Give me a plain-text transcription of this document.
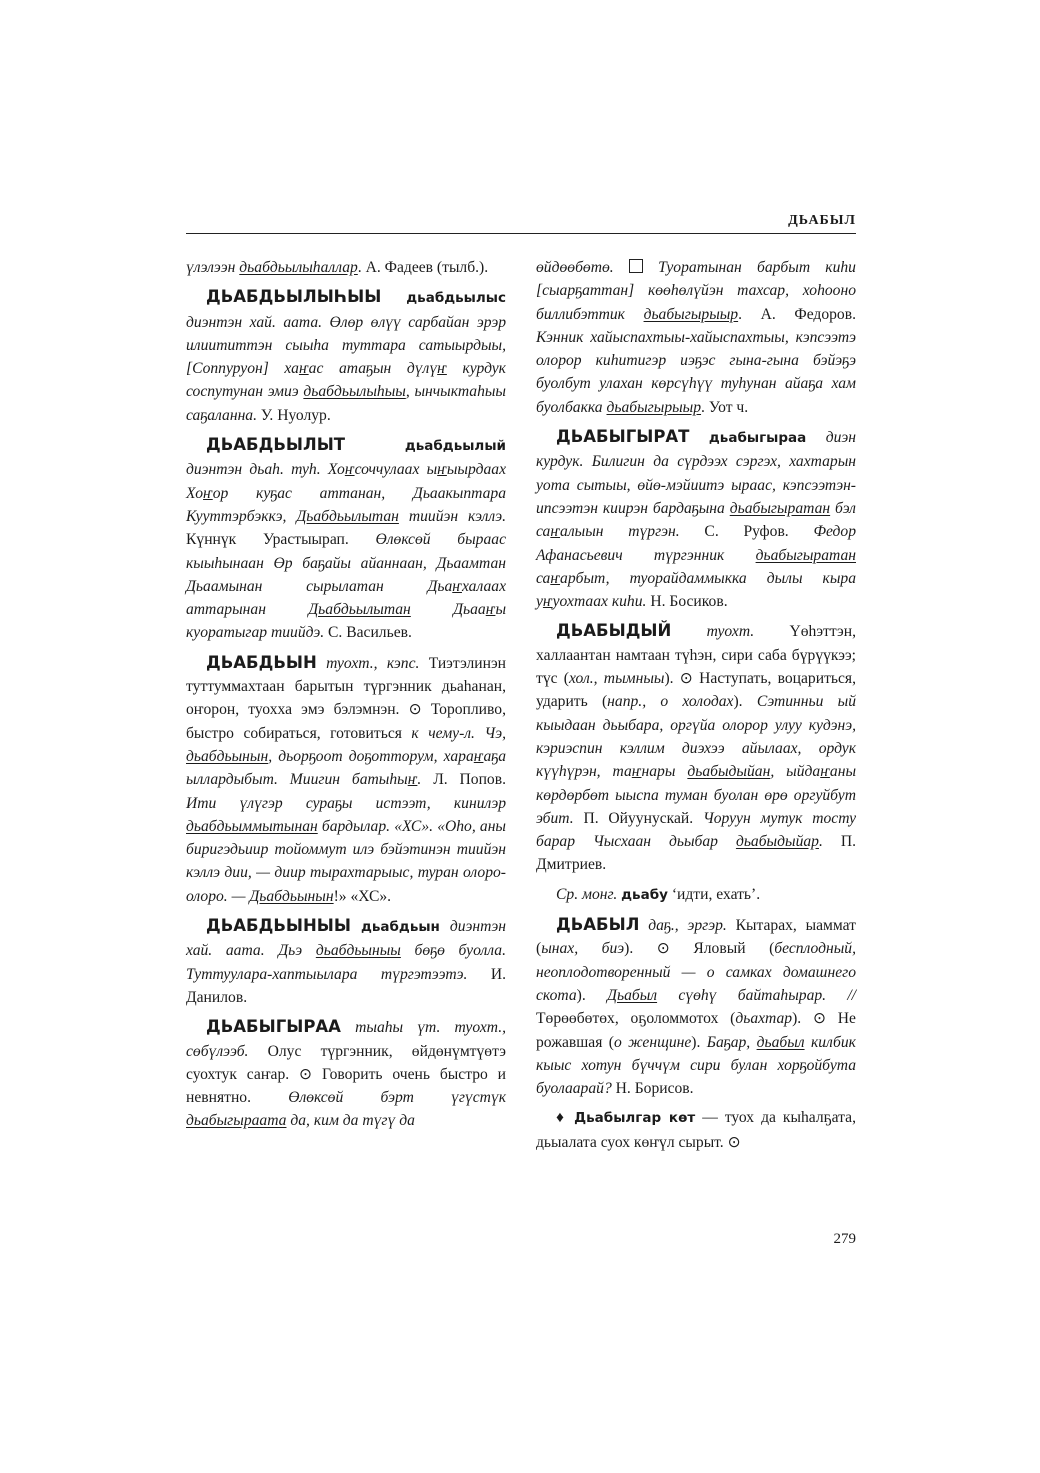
ДЬАБЫЛ

үлэлээн дьабдьылыhаллар. А. Фадеев (тылб.).

ДЬАБДЬЫЛЫҺЫЫ дьабдьылыс диэнтэн хай. аата. Өлөр өлүү сарбайан эрэр илиититтэн сыыhа туттара сатыырдыы, [Соппуруон] хаҥас атаҕын дүлүҥ курдук соспутунан эмиэ дьабдьылыhыы, ынчыктаhыы саҕаланна. У. Нуолур.

ДЬАБДЬЫЛЫТ	дьабдьылый диэнтэн дьаh. туh. Хоҥсоччулаах ыҥыырдаах Хоҥор куҕас аттанан, Дьаакыптара Кууттэрбэккэ, Дьабдьылытан тиийэн кэллэ. Күннүк Урастыырап. Өлөксөй быраас кыыhынаан Өр баҕайы айаннаан, Дьаамтан Дьаамынан сырылатан Дьаҥхалаах аттарынан Дьабдьылытан Дьааҥы куоратыгар тиийдэ. С. Васильев.

ДЬАБДЬЫН туохт., кэпс. Тиэтэлинэн туттуммахтаан барытын түргэнник дьаhанан, оҥорон, туохха эмэ бэлэмнэн. ⊙ Торопливо, быстро собираться, готовиться к чему-л. Чэ, дьабдьынын, дьорҕоот доҕотторум, хараҥаҕа ыллардыбыт. Миигин батыhыҥ. Л. Попов. Ити үлүгэр сураҕы истээт, кинилэр дьабдьыммытынан бардылар. «ХС». «Оhо, аны биригэдьиир тойоммут илэ бэйэтинэн тиийэн кэллэ дии, — диир тырахтарыыс, туран олоро-олоро. — Дьабдьынын!» «ХС».

ДЬАБДЬЫНЫЫ дьабдьын диэнтэн хай. аата. Дьэ дьабдьыныы бөҕө буолла. Туттуулара-хаптыылара түргэтээтэ. И. Данилов.

ДЬАБЫГЫРАА тыаhы үт. туохт., сөбүлээб. Олус түргэнник, өйдөнүмтүөтэ суохтук саҥар. ⊙ Говорить очень быстро и невнятно. Өлөксөй бэрт үгүстүк дьабыгыраата да, ким да түгү да

өйдөөбөтө.  Туоратынан барбыт киhи [сыарҕаттан] көөhөлүйэн тахсар, хоhооно биллибэттик дьабыгырыыр. А. Федоров. Кэнник хайыспахтыы-хайыспахтыы, кэпсээтэ олорор киhитигэр иэҕэс гына-гына бэйэҕэ буолбут улахан көрсүhүү туhунан айаҕа хам буолбакка дьабыгырыыр. Уот ч.

ДЬАБЫГЫРАТ дьабыгыраа диэн курдук. Билигин да сүрдээх сэргэх, хахтарын уота сытыы, өйө-мэйиитэ ыраас, кэпсээтэн-ипсээтэн киирэн бардаҕына дьабыгыратан бэл саҥалыын түргэн. С. Руфов. Федор Афанасьевич түргэнник дьабыгыратан саҥарбыт, туорайдаммыкка дылы кыра уҥуохтаах киhи. Н. Босиков.

ДЬАБЫДЫЙ туохт. Үөhэттэн, халлаантан намтаан түhэн, сири саба бүрүүкээ; түс (хол., тымныы). ⊙ Наступать, воцариться, ударить (напр., о холодах). Сэтинньи ый кыыдаан дьыбара, оргүйа олорор улуу кудэнэ, кэриэспин кэллим диэхээ айылаах, ордук күүhүрэн, таҥнары дьабыдыйан, ыйдаҥаны көрдөрбөт ыыспа туман буолан өрө оргуйбут эбит. П. Ойуунускай. Чоруун мутук тосту барар Чысхаан дьыбар дьабыдыйар. П. Дмитриев.

Ср. монг. дьабу ‘идти, ехать’.

ДЬАБЫЛ даҕ., эргэр. Кытарах, ыаммат (ынах, биэ). ⊙ Яловый (бесплодный, неоплодотворенный — о самках домашнего скота). Дьабыл сүөhү байтаhырар. // Төрөөбөтөх, оҕоломмотох (дьахтар). ⊙ Не рожавшая (о женщине). Баҕар, дьабыл килбик кыыс хотун бүччүм сири булан хорҕойбута буолаарай? Н. Борисов.

♦ Дьабылгар көт — туох да кыhалҕата, дьыалата суох көҥүл сырыт. ⊙

279
